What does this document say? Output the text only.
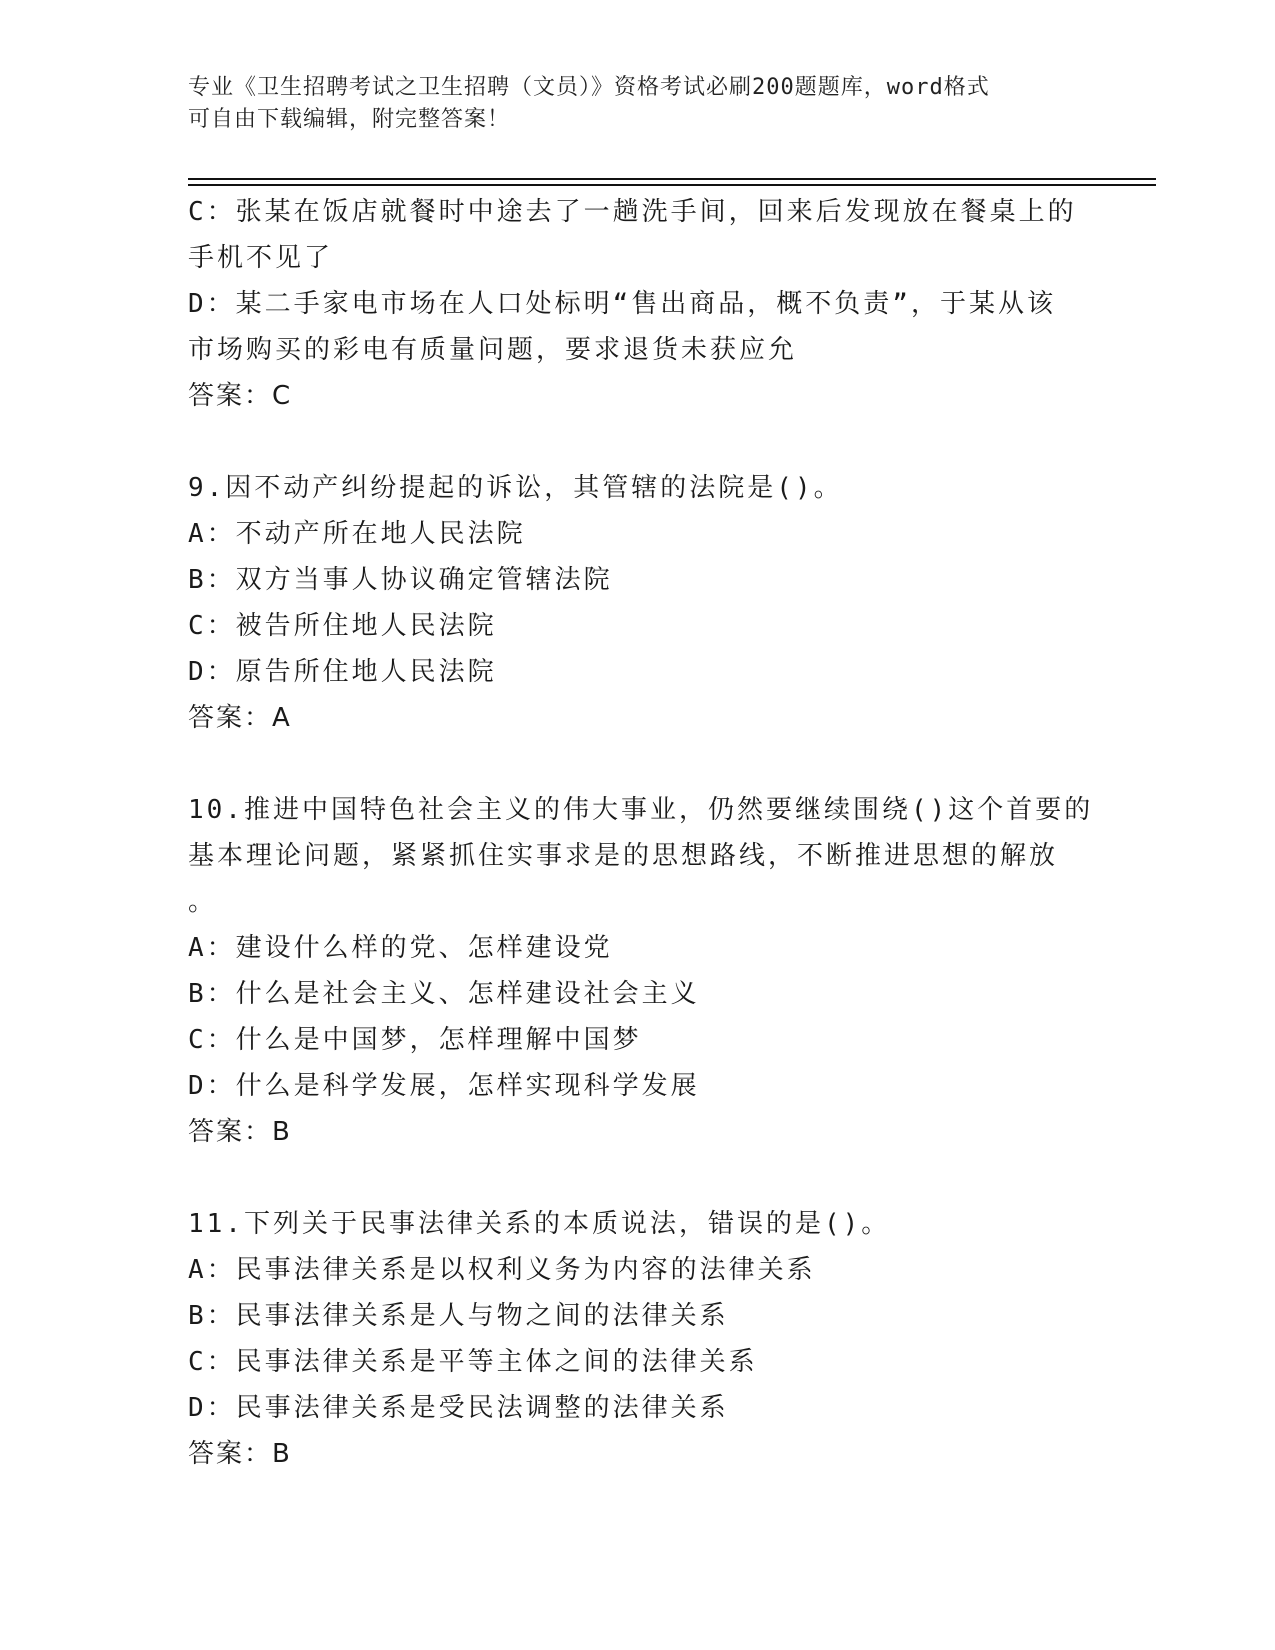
专业《卫生招聘考试之卫生招聘（文员）》资格考试必刷200题题库，word格式
可自由下载编辑，附完整答案！
C：张某在饭店就餐时中途去了一趟洗手间，回来后发现放在餐桌上的
手机不见了
D：某二手家电市场在人口处标明“售出商品，概不负责”，于某从该
市场购买的彩电有质量问题，要求退货未获应允
答案：C
9.因不动产纠纷提起的诉讼，其管辖的法院是()。
A：不动产所在地人民法院
B：双方当事人协议确定管辖法院
C：被告所住地人民法院
D：原告所住地人民法院
答案：A
10.推进中国特色社会主义的伟大事业，仍然要继续围绕()这个首要的
基本理论问题，紧紧抓住实事求是的思想路线，不断推进思想的解放
。
A：建设什么样的党、怎样建设党
B：什么是社会主义、怎样建设社会主义
C：什么是中国梦，怎样理解中国梦
D：什么是科学发展，怎样实现科学发展
答案：B
11.下列关于民事法律关系的本质说法，错误的是()。
A：民事法律关系是以权利义务为内容的法律关系
B：民事法律关系是人与物之间的法律关系
C：民事法律关系是平等主体之间的法律关系
D：民事法律关系是受民法调整的法律关系
答案：B
